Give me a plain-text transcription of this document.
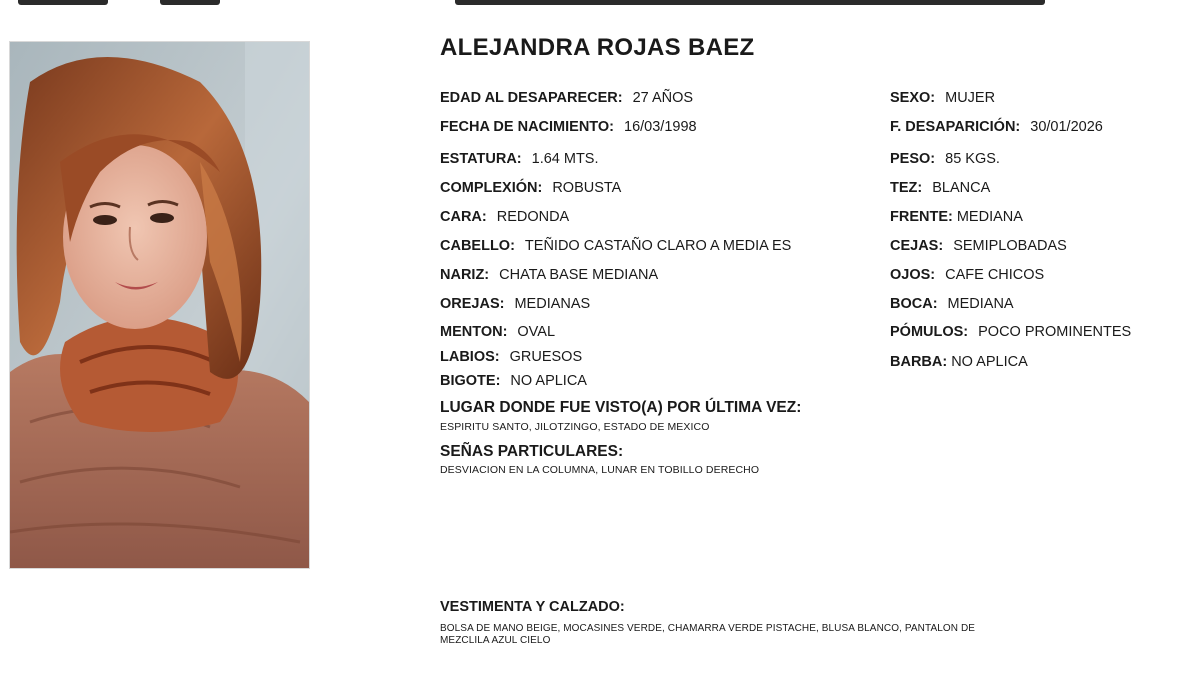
ALEJANDRA ROJAS BAEZ
EDAD AL DESAPARECER: 27 AÑOS
FECHA DE NACIMIENTO: 16/03/1998
ESTATURA: 1.64 MTS.
COMPLEXIÓN: ROBUSTA
CARA: REDONDA
CABELLO: TEÑIDO CASTAÑO CLARO A MEDIA ES
NARIZ: CHATA BASE MEDIANA
OREJAS: MEDIANAS
MENTON: OVAL
LABIOS: GRUESOS
BIGOTE: NO APLICA
SEXO: MUJER
F. DESAPARICIÓN: 30/01/2026
PESO: 85 KGS.
TEZ: BLANCA
FRENTE: MEDIANA
CEJAS: SEMIPLOBADAS
OJOS: CAFE CHICOS
BOCA: MEDIANA
PÓMULOS: POCO PROMINENTES
BARBA: NO APLICA
LUGAR DONDE FUE VISTO(A) POR ÚLTIMA VEZ:
ESPIRITU SANTO, JILOTZINGO, ESTADO DE MEXICO
SEÑAS PARTICULARES:
DESVIACION EN LA COLUMNA, LUNAR EN TOBILLO DERECHO
VESTIMENTA Y CALZADO:
BOLSA DE MANO BEIGE, MOCASINES VERDE, CHAMARRA VERDE PISTACHE, BLUSA BLANCO, PANTALON DE
MEZCLILA AZUL CIELO
